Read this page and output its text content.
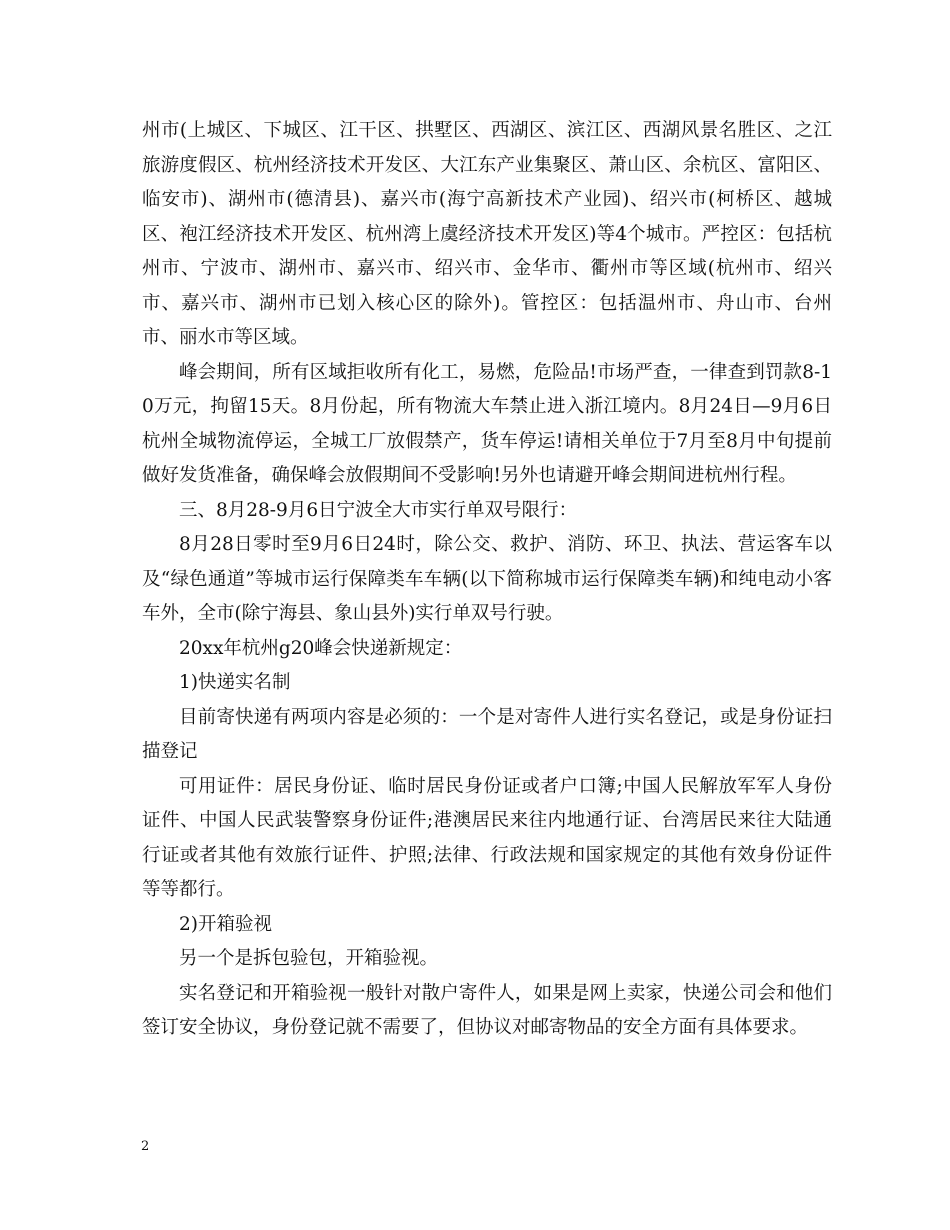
州市(上城区、下城区、江干区、拱墅区、西湖区、滨江区、西湖风景名胜区、之江旅游度假区、杭州经济技术开发区、大江东产业集聚区、萧山区、余杭区、富阳区、临安市)、湖州市(德清县)、嘉兴市(海宁高新技术产业园)、绍兴市(柯桥区、越城区、袍江经济技术开发区、杭州湾上虞经济技术开发区)等4个城市。严控区：包括杭州市、宁波市、湖州市、嘉兴市、绍兴市、金华市、衢州市等区域(杭州市、绍兴市、嘉兴市、湖州市已划入核心区的除外)。管控区：包括温州市、舟山市、台州市、丽水市等区域。

峰会期间，所有区域拒收所有化工，易燃，危险品!市场严查，一律查到罚款8-10万元，拘留15天。8月份起，所有物流大车禁止进入浙江境内。8月24日—9月6日杭州全城物流停运，全城工厂放假禁产，货车停运!请相关单位于7月至8月中旬提前做好发货准备，确保峰会放假期间不受影响!另外也请避开峰会期间进杭州行程。

三、8月28-9月6日宁波全大市实行单双号限行：

8月28日零时至9月6日24时，除公交、救护、消防、环卫、执法、营运客车以及“绿色通道”等城市运行保障类车车辆(以下简称城市运行保障类车辆)和纯电动小客车外，全市(除宁海县、象山县外)实行单双号行驶。

20xx年杭州g20峰会快递新规定：

1)快递实名制

目前寄快递有两项内容是必须的：一个是对寄件人进行实名登记，或是身份证扫描登记

可用证件：居民身份证、临时居民身份证或者户口簿;中国人民解放军军人身份证件、中国人民武装警察身份证件;港澳居民来往内地通行证、台湾居民来往大陆通行证或者其他有效旅行证件、护照;法律、行政法规和国家规定的其他有效身份证件等等都行。

2)开箱验视

另一个是拆包验包，开箱验视。

实名登记和开箱验视一般针对散户寄件人，如果是网上卖家，快递公司会和他们签订安全协议，身份登记就不需要了，但协议对邮寄物品的安全方面有具体要求。

2
